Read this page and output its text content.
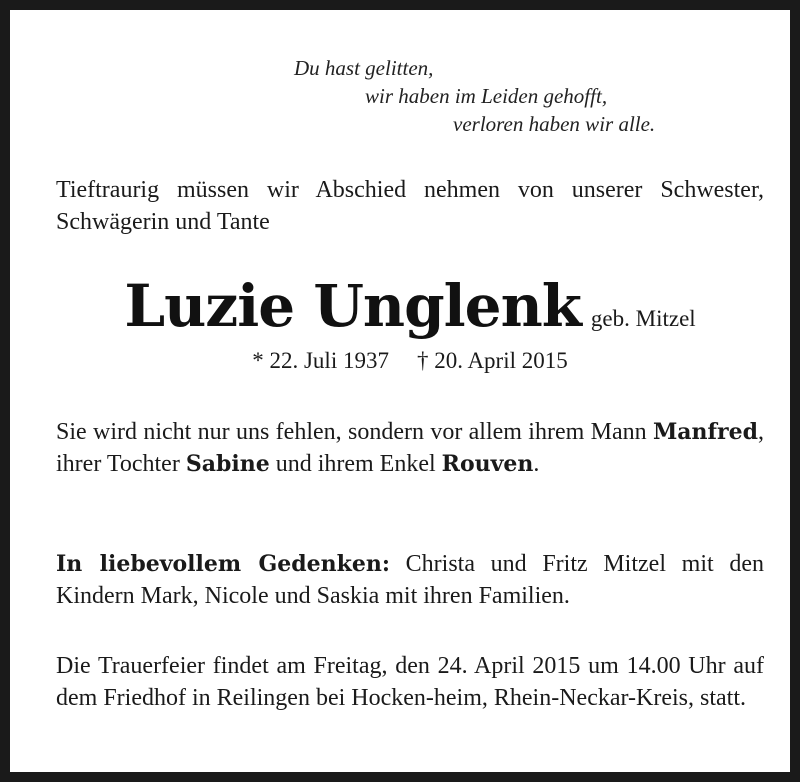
Du hast gelitten,
wir haben im Leiden gehofft,
verloren haben wir alle.
Tieftraurig müssen wir Abschied nehmen von unserer Schwester, Schwägerin und Tante
Luzie Unglenk geb. Mitzel
* 22. Juli 1937 † 20. April 2015
Sie wird nicht nur uns fehlen, sondern vor allem ihrem Mann Manfred, ihrer Tochter Sabine und ihrem Enkel Rouven.
In liebevollem Gedenken: Christa und Fritz Mitzel mit den Kindern Mark, Nicole und Saskia mit ihren Familien.
Die Trauerfeier findet am Freitag, den 24. April 2015 um 14.00 Uhr auf dem Friedhof in Reilingen bei Hocken-heim, Rhein-Neckar-Kreis, statt.
